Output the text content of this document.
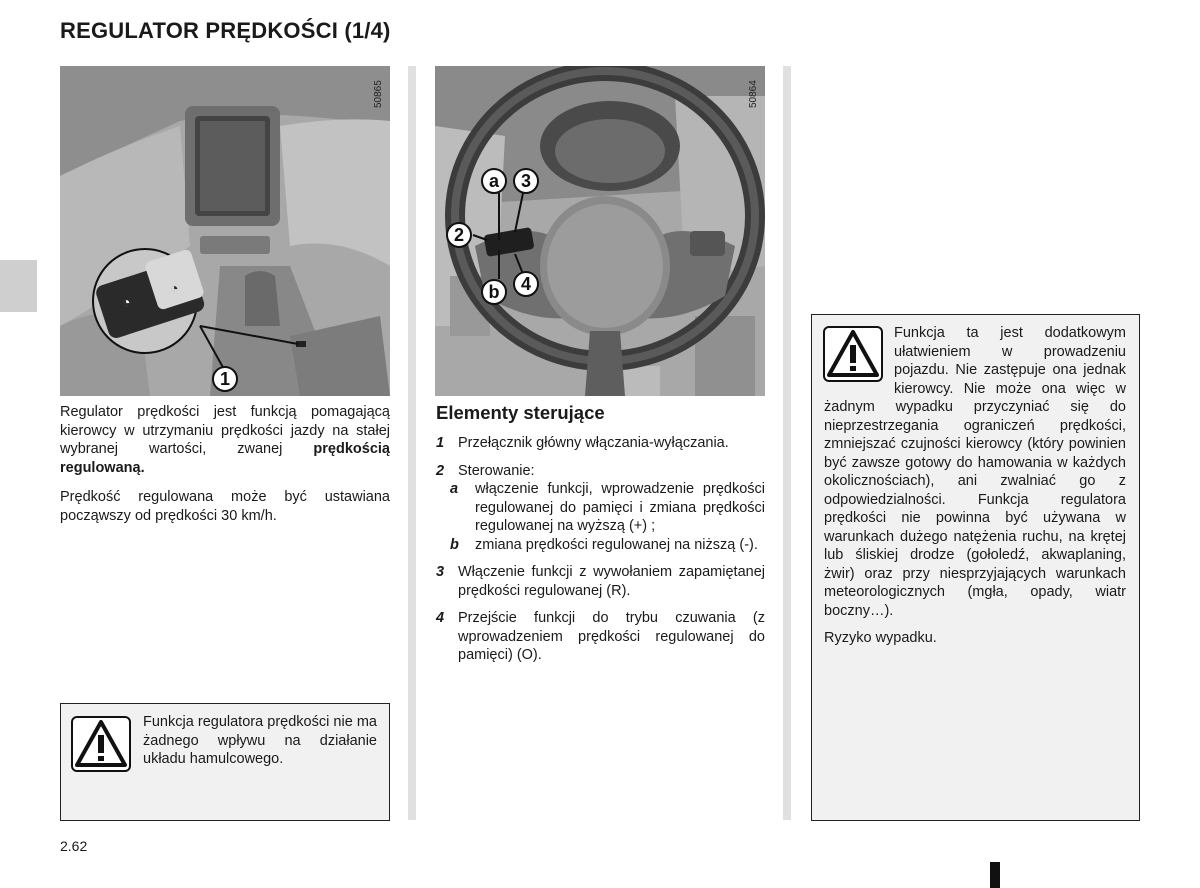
REGULATOR PRĘDKOŚCI (1/4)
50865
◔
◔
1
50864
a	3
2
b	4
Regulator prędkości jest funkcją pomagającą kierowcy w utrzymaniu prędkości jazdy na stałej wybranej wartości, zwanej prędkością regulowaną.
Prędkość regulowana może być ustawiana począwszy od prędkości 30 km/h.
Funkcja regulatora prędkości nie ma żadnego wpływu na działanie układu hamulcowego.
Elementy sterujące
1 Przełącznik główny włączania-wyłączania.
2 Sterowanie:
a włączenie funkcji, wprowadzenie prędkości regulowanej do pamięci i zmiana prędkości regulowanej na wyższą (+) ;
b zmiana prędkości regulowanej na niższą (-).
3 Włączenie funkcji z wywołaniem zapamiętanej prędkości regulowanej (R).
4 Przejście funkcji do trybu czuwania (z wprowadzeniem prędkości regulowanej do pamięci) (O).
Funkcja ta jest dodatkowym ułatwieniem w prowadzeniu pojazdu. Nie zastępuje ona jednak kierowcy. Nie może ona więc w żadnym wypadku przyczyniać się do nieprzestrzegania ograniczeń prędkości, zmniejszać czujności kierowcy (który powinien być zawsze gotowy do hamowania w każdych okolicznościach), ani zwalniać go z odpowiedzialności. Funkcja regulatora prędkości nie powinna być używana w warunkach dużego natężenia ruchu, na krętej lub śliskiej drodze (gołoledź, akwaplaning, żwir) oraz przy niesprzyjających warunkach meteorologicznych (mgła, opady, wiatr boczny…).
Ryzyko wypadku.
2.62
